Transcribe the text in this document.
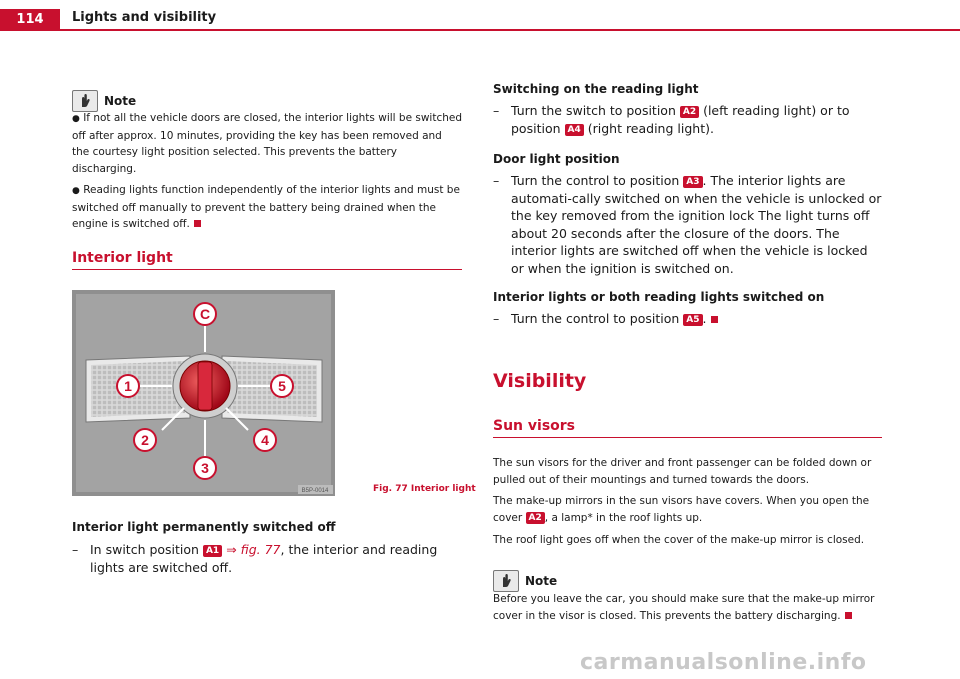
114	Lights and visibility
Note

● If not all the vehicle doors are closed, the interior lights will be switched off after approx. 10 minutes, providing the key has been removed and the courtesy light position selected. This prevents the battery discharging.

● Reading lights function independently of the interior lights and must be switched off manually to prevent the battery being drained when the engine is switched off.

Interior light
C
1
2
3
4
5
B5P-0014	Fig. 77 Interior light
Interior light permanently switched off
– In switch position A1 ⇒ fig. 77, the interior and reading lights are switched off.
Switching on the reading light
– Turn the switch to position A2 (left reading light) or to position A4 (right reading light).
Door light position
– Turn the control to position A3 . The interior lights are automati-cally switched on when the vehicle is unlocked or the key removed from the ignition lock The light turns off about 20 seconds after the closure of the doors. The interior lights are switched off when the vehicle is locked or when the ignition is switched on.
Interior lights or both reading lights switched on
– Turn the control to position A5 .
Visibility
Sun visors
The sun visors for the driver and front passenger can be folded down or pulled out of their mountings and turned towards the doors.
The make-up mirrors in the sun visors have covers. When you open the cover A2 , a lamp* in the roof lights up.
The roof light goes off when the cover of the make-up mirror is closed.
Note
Before you leave the car, you should make sure that the make-up mirror cover in the visor is closed. This prevents the battery discharging.
carmanualsonline.info
